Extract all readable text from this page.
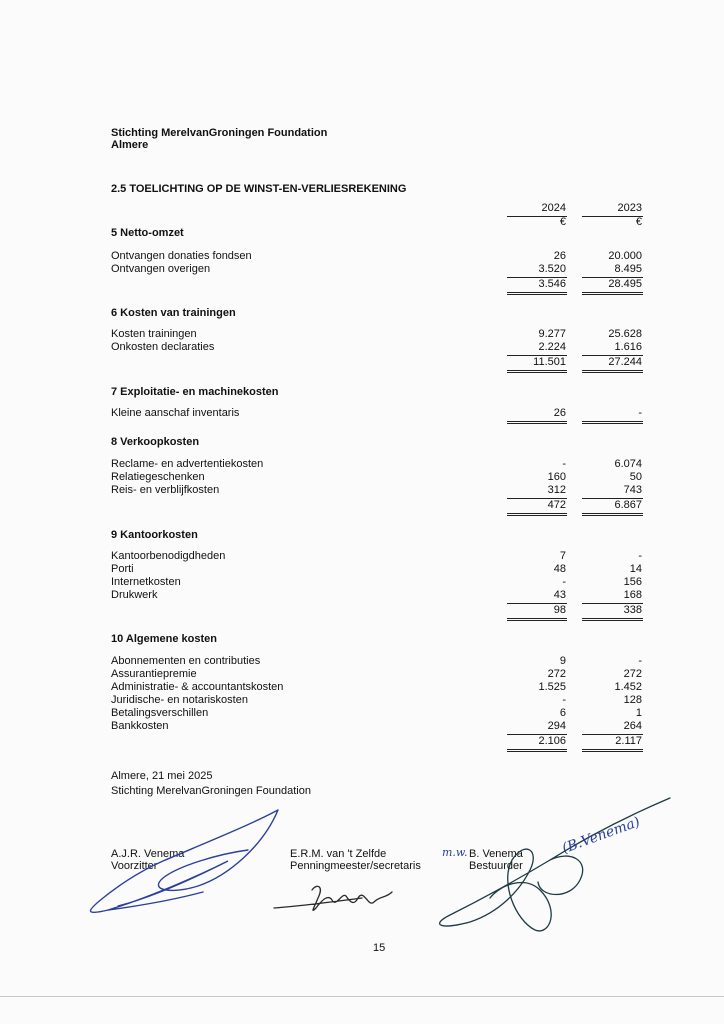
Stichting MerelvanGroningen Foundation
Almere
2.5 TOELICHTING OP DE WINST-EN-VERLIESREKENING
2024	2023
€	€
5 Netto-omzet
Ontvangen donaties fondsen	26	20.000
Ontvangen overigen	3.520	8.495
3.546	28.495
6 Kosten van trainingen
Kosten trainingen	9.277	25.628
Onkosten declaraties	2.224	1.616
11.501	27.244
7 Exploitatie- en machinekosten
Kleine aanschaf inventaris	26	-
8 Verkoopkosten
Reclame- en advertentiekosten	-	6.074
Relatiegeschenken	160	50
Reis- en verblijfkosten	312	743
472	6.867
9 Kantoorkosten
Kantoorbenodigdheden	7	-
Porti	48	14
Internetkosten	-	156
Drukwerk	43	168
98	338
10 Algemene kosten
Abonnementen en contributies	9	-
Assurantiepremie	272	272
Administratie- & accountantskosten	1.525	1.452
Juridische- en notariskosten	-	128
Betalingsverschillen	6	1
Bankkosten	294	264
2.106	2.117
Almere, 21 mei 2025
Stichting MerelvanGroningen Foundation
A.J.R. Venema
Voorzitter
E.R.M. van 't Zelfde
Penningmeester/secretaris
m.w. B. Venema
Bestuurder
(B.Venema)
15
